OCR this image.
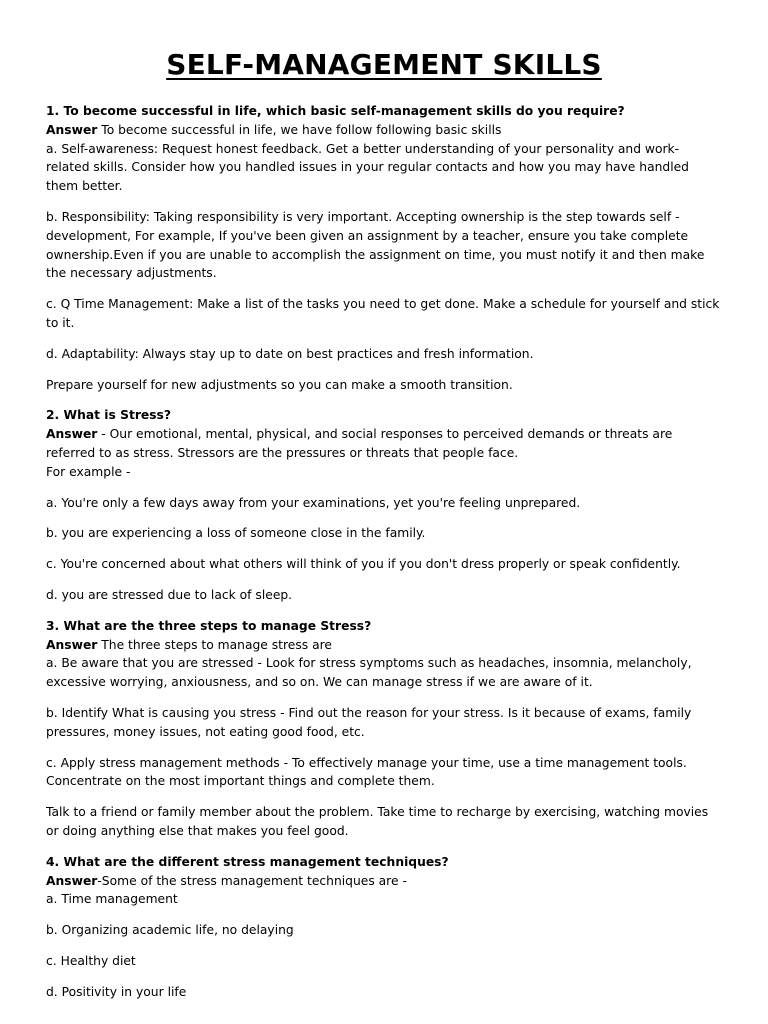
SELF-MANAGEMENT SKILLS

1. To become successful in life, which basic self-management skills do you require?
Answer To become successful in life, we have follow following basic skills
a. Self-awareness: Request honest feedback. Get a better understanding of your personality and work-related skills. Consider how you handled issues in your regular contacts and how you may have handled them better.

b. Responsibility: Taking responsibility is very important. Accepting ownership is the step towards self -development, For example, If you've been given an assignment by a teacher, ensure you take complete ownership.Even if you are unable to accomplish the assignment on time, you must notify it and then make the necessary adjustments.

c. Q Time Management: Make a list of the tasks you need to get done. Make a schedule for yourself and stick to it.

d. Adaptability: Always stay up to date on best practices and fresh information.

Prepare yourself for new adjustments so you can make a smooth transition.

2. What is Stress?
Answer - Our emotional, mental, physical, and social responses to perceived demands or threats are referred to as stress. Stressors are the pressures or threats that people face.
For example -

a. You're only a few days away from your examinations, yet you're feeling unprepared.

b. you are experiencing a loss of someone close in the family.

c. You're concerned about what others will think of you if you don't dress properly or speak confidently.

d. you are stressed due to lack of sleep.

3. What are the three steps to manage Stress?
Answer The three steps to manage stress are
a. Be aware that you are stressed - Look for stress symptoms such as headaches, insomnia, melancholy, excessive worrying, anxiousness, and so on. We can manage stress if we are aware of it.

b. Identify What is causing you stress - Find out the reason for your stress. Is it because of exams, family pressures, money issues, not eating good food, etc.

c. Apply stress management methods - To effectively manage your time, use a time management tools. Concentrate on the most important things and complete them.

Talk to a friend or family member about the problem. Take time to recharge by exercising, watching movies or doing anything else that makes you feel good.

4. What are the different stress management techniques?
Answer-Some of the stress management techniques are -
a. Time management

b. Organizing academic life, no delaying

c. Healthy diet

d. Positivity in your life
